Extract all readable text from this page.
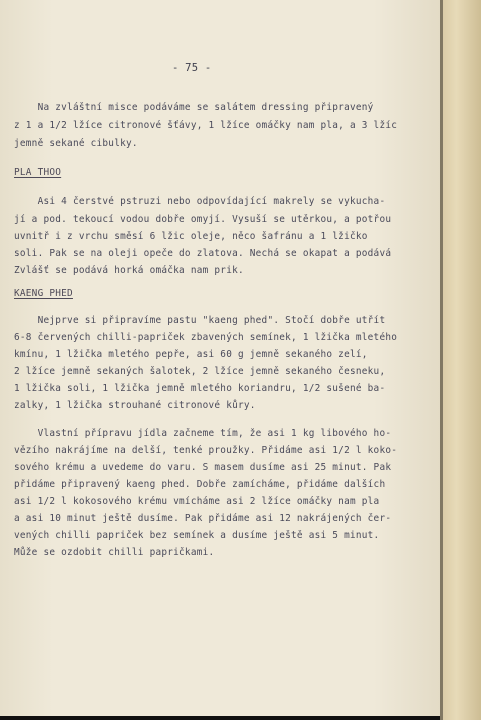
- 75 -

Na zvláštní misce podáváme se salátem dressing připravený

z 1 a 1/2 lžíce citronové šťávy, 1 lžíce omáčky nam pla, a 3 lžíc

jemně sekané cibulky.

PLA THOO

Asi 4 čerstvé pstruzi nebo odpovídající makrely se vykucha-

jí a pod. tekoucí vodou dobře omyjí. Vysuší se utěrkou, a potřou

uvnitř i z vrchu směsí 6 lžic oleje, něco šafránu a 1 lžičko

soli. Pak se na oleji opeče do zlatova. Nechá se okapat a podává

Zvlášť se podává horká omáčka nam prik.

KAENG PHED

Nejprve si připravíme pastu "kaeng phed". Stočí dobře utřít

6-8 červených chilli-papriček zbavených semínek, 1 lžička mletého

kmínu, 1 lžička mletého pepře, asi 60 g jemně sekaného zelí,

2 lžíce jemně sekaných šalotek, 2 lžíce jemně sekaného česneku,

1 lžička soli, 1 lžička jemně mletého koriandru, 1/2 sušené ba-

zalky, 1 lžička strouhané citronové kůry.

Vlastní přípravu jídla začneme tím, že asi 1 kg libového ho-

vězího nakrájíme na delší, tenké proužky. Přidáme asi 1/2 l koko-

sového krému a uvedeme do varu. S masem dusíme asi 25 minut. Pak

přidáme připravený kaeng phed. Dobře zamícháme, přidáme dalších

asi 1/2 l kokosového krému vmícháme asi 2 lžíce omáčky nam pla

a asi 10 minut ještě dusíme. Pak přidáme asi 12 nakrájených čer-

vených chilli papriček bez semínek a dusíme ještě asi 5 minut.

Může se ozdobit chilli papričkami.
